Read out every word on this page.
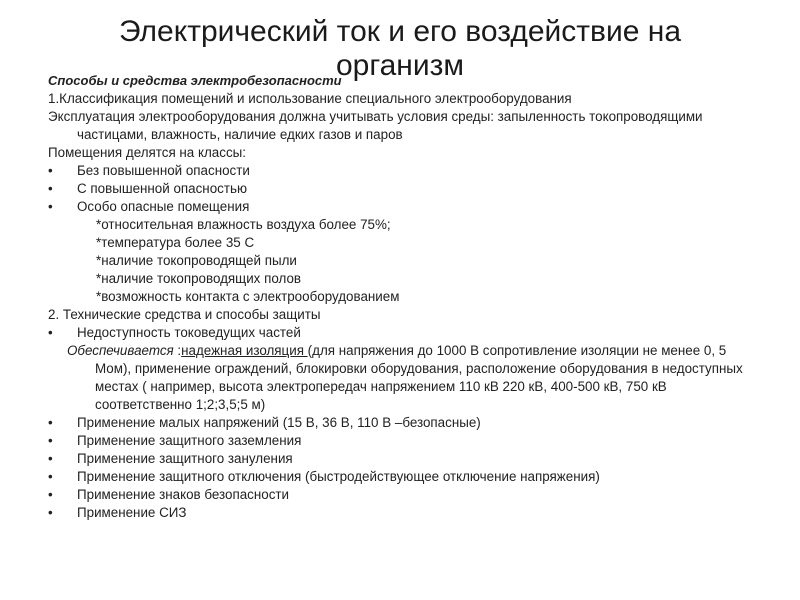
Электрический ток и его воздействие на организм
Способы и средства электробезопасности
1.Классификация помещений и использование специального электрооборудования
Эксплуатация электрооборудования должна учитывать условия среды: запыленность токопроводящими частицами, влажность, наличие едких газов и паров
Помещения делятся на классы:
• Без повышенной опасности
• С повышенной опасностью
• Особо опасные помещения
*относительная влажность воздуха более 75%;
*температура более 35 С
*наличие токопроводящей пыли
*наличие токопроводящих полов
*возможность контакта с электрооборудованием
2. Технические средства и способы защиты
• Недоступность токоведущих частей
Обеспечивается :надежная изоляция (для напряжения до 1000 В сопротивление изоляции не менее 0, 5 Мом), применение ограждений, блокировки оборудования, расположение оборудования в недоступных местах ( например, высота электропередач напряжением 110 кВ 220 кВ, 400-500 кВ, 750 кВ соответственно 1;2;3,5;5 м)
• Применение малых напряжений (15 В, 36 В, 110 В –безопасные)
• Применение защитного заземления
• Применение защитного зануления
• Применение защитного отключения (быстродействующее отключение напряжения)
• Применение знаков безопасности
• Применение СИЗ
